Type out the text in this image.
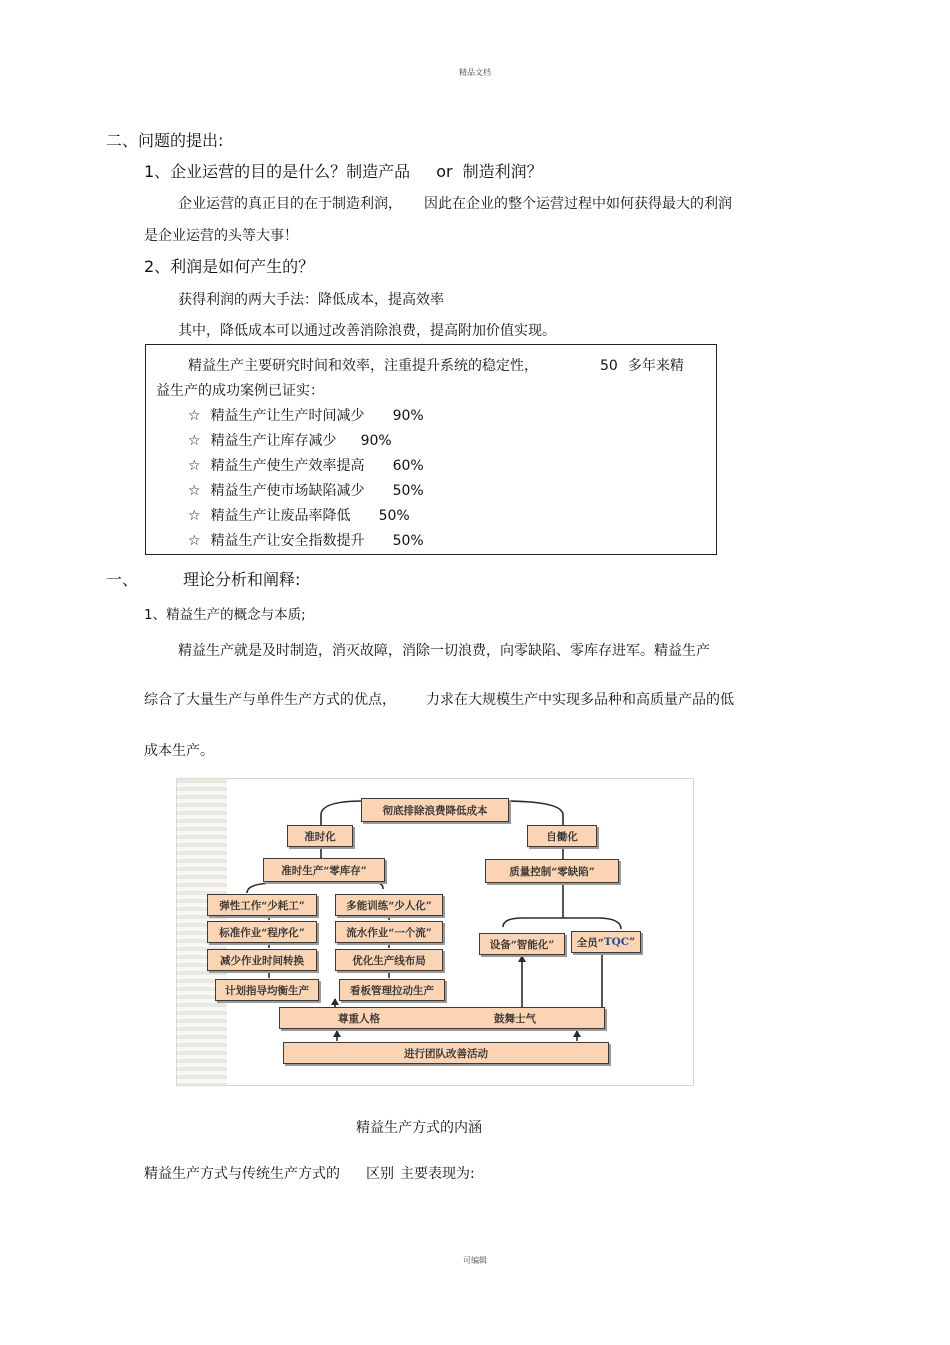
精品文档
可编辑
二、问题的提出:
1、企业运营的目的是什么？制造产品 or 制造利润？
企业运营的真正目的在于制造利润， 因此在企业的整个运营过程中如何获得最大的利润
是企业运营的头等大事！
2、利润是如何产生的？
获得利润的两大手法：降低成本，提高效率
其中，降低成本可以通过改善消除浪费，提高附加价值实现。
精益生产主要研究时间和效率，注重提升系统的稳定性，	50 多年来精
益生产的成功案例已证实：
☆ 精益生产让生产时间减少 90%
☆ 精益生产让库存减少 90%
☆ 精益生产使生产效率提高 60%
☆ 精益生产使市场缺陷减少 50%
☆ 精益生产让废品率降低 50%
☆ 精益生产让安全指数提升 50%
一、	理论分析和阐释:
1、精益生产的概念与本质;
精益生产就是及时制造，消灭故障，消除一切浪费，向零缺陷、零库存进军。精益生产
综合了大量生产与单件生产方式的优点， 力求在大规模生产中实现多品种和高质量产品的低
成本生产。
彻底排除浪费降低成本
准时化	自働化
准时生产“零库存”	质量控制“零缺陷”
弹性工作“少耗工”
标准作业“程序化”
减少作业时间转换
计划指导均衡生产
多能训练“少人化”
流水作业“一个流”
优化生产线布局
看板管理拉动生产
设备“智能化”	全员“ TQC ”
尊重人格	鼓舞士气
进行团队改善活动
精益生产方式的内涵
精益生产方式与传统生产方式的 区别 主要表现为:
